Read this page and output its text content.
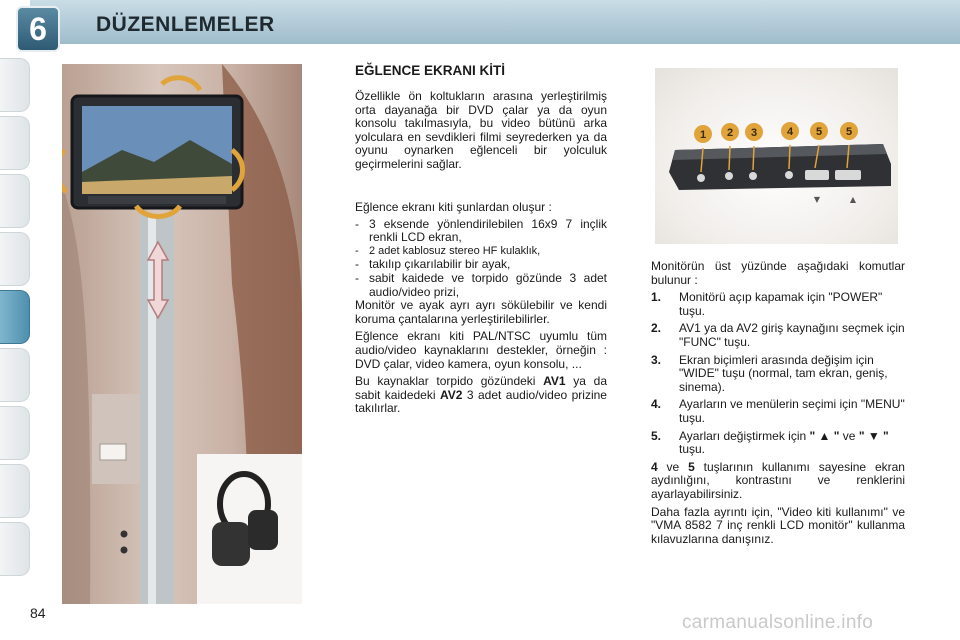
6	DÜZENLEMELER
EĞLENCE EKRANI KİTİ

Özellikle ön koltukların arasına yerleştirilmiş orta dayanağa bir DVD çalar ya da oyun konsolu takılmasıyla, bu video bütünü arka yolculara en sevdikleri filmi seyrederken ya da oyunu oynarken eğlenceli bir yolculuk geçirmelerini sağlar.

Eğlence ekranı kiti şunlardan oluşur :

- 3 eksende yönlendirilebilen 16x9 7 inçlik renkli LCD ekran,
- 2 adet kablosuz stereo HF kulaklık,
- takılıp çıkarılabilir bir ayak,
- sabit kaidede ve torpido gözünde 3 adet audio/video prizi,

Monitör ve ayak ayrı ayrı sökülebilir ve kendi koruma çantalarına yerleştirilebilirler.

Eğlence ekranı kiti PAL/NTSC uyumlu tüm audio/video kaynaklarını destekler, örneğin : DVD çalar, video kamera, oyun konsolu, ...

Bu kaynaklar torpido gözündeki AV1 ya da sabit kaidedeki AV2 3 adet audio/video prizine takılırlar.

1 2 3	4 5 5
▼	▲

Monitörün üst yüzünde aşağıdaki komutlar bulunur :

1. Monitörü açıp kapamak için "POWER" tuşu.
2. AV1 ya da AV2 giriş kaynağını seçmek için "FUNC" tuşu.
3. Ekran biçimleri arasında değişim için "WIDE" tuşu (normal, tam ekran, geniş, sinema).
4. Ayarların ve menülerin seçimi için "MENU" tuşu.
5. Ayarları değiştirmek için " ▲ " ve " ▼ " tuşu.

4 ve 5 tuşlarının kullanımı sayesine ekran aydınlığını, kontrastını ve renklerini ayarlayabilirsiniz.

Daha fazla ayrıntı için, "Video kiti kullanımı" ve "VMA 8582 7 inç renkli LCD monitör" kullanma kılavuzlarına danışınız.

84	carmanualsonline.info
